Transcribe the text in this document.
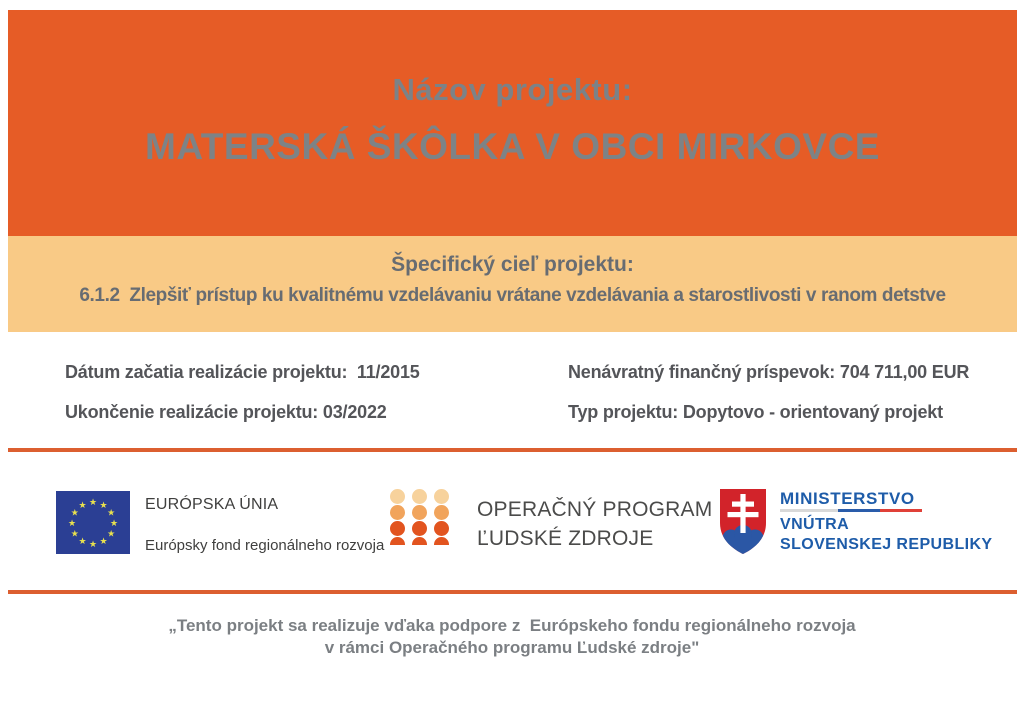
Názov projektu:
MATERSKÁ ŠKÔLKA V OBCI MIRKOVCE
Špecifický cieľ projektu:
6.1.2  Zlepšiť prístup ku kvalitnému vzdelávaniu vrátane vzdelávania a starostlivosti v ranom detstve
Dátum začatia realizácie projektu:  11/2015
Ukončenie realizácie projektu: 03/2022
Nenávratný finančný príspevok: 704 711,00 EUR
Typ projektu: Dopytovo - orientovaný projekt
★ ★
★
★
★
★
★
★
★
★
★
★	EURÓPSKA ÚNIA
Európsky fond regionálneho rozvoja
OPERAČNÝ PROGRAM
ĽUDSKÉ ZDROJE
MINISTERSTVO
VNÚTRA
SLOVENSKEJ REPUBLIKY
„Tento projekt sa realizuje vďaka podpore z  Európskeho fondu regionálneho rozvoja
v rámci Operačného programu Ľudské zdroje"
